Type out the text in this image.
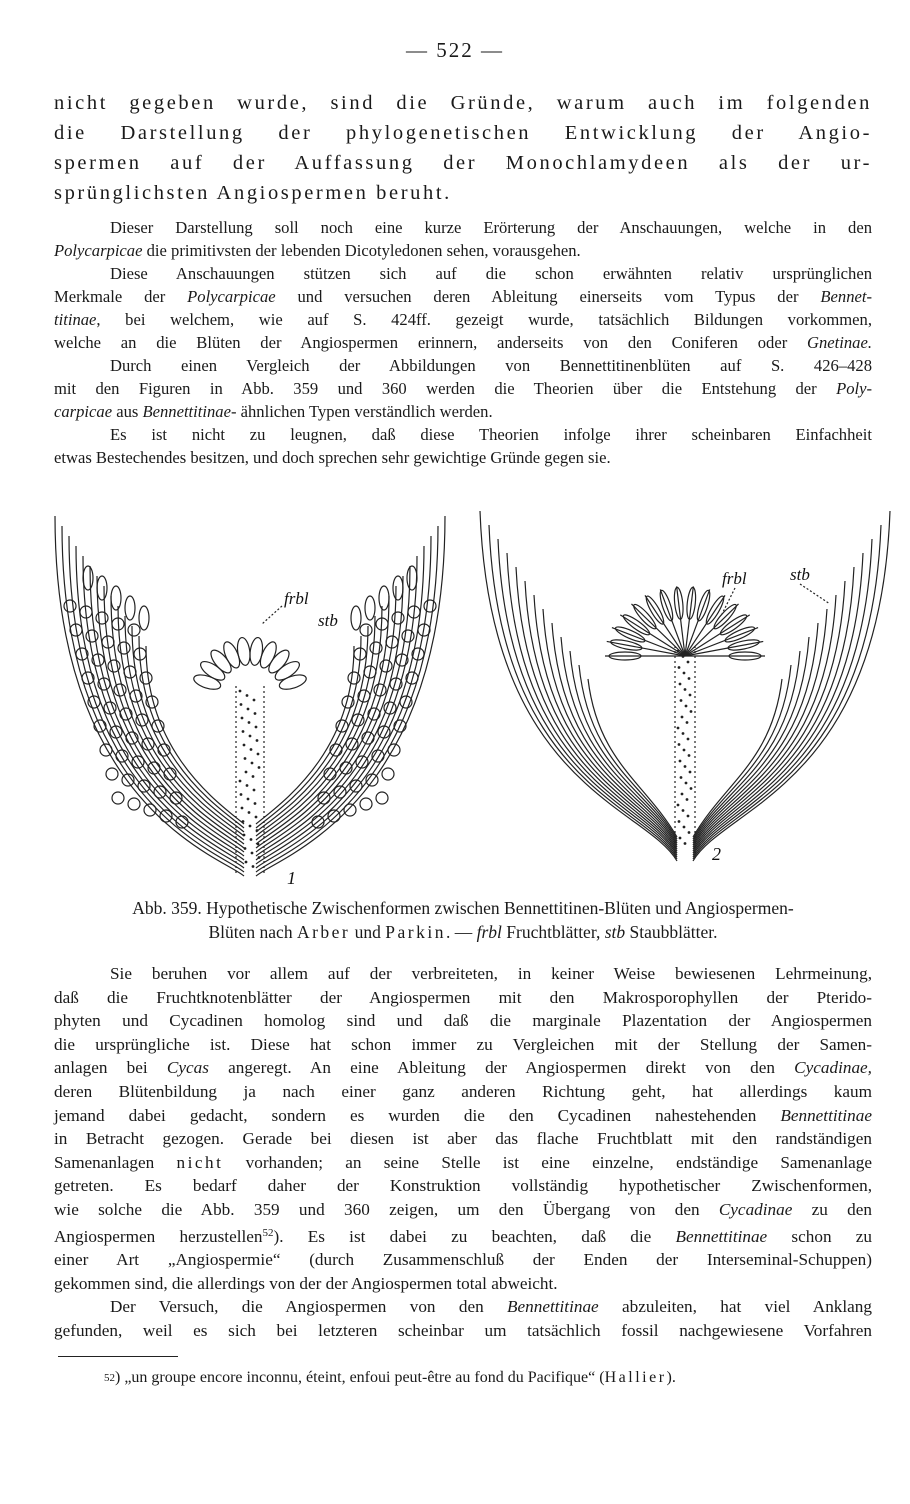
— 522 —
nicht gegeben wurde, sind die Gründe, warum auch im folgenden
die Darstellung der phylogenetischen Entwicklung der Angio-
spermen auf der Auffassung der Monochlamydeen als der ur-
sprünglichsten Angiospermen beruht.

Dieser Darstellung soll noch eine kurze Erörterung der Anschauungen, welche in den
Polycarpicae die primitivsten der lebenden Dicotyledonen sehen, vorausgehen.

Diese Anschauungen stützen sich auf die schon erwähnten relativ ursprünglichen
Merkmale der Polycarpicae und versuchen deren Ableitung einerseits vom Typus der Bennet-
titinae, bei welchem, wie auf S. 424ff. gezeigt wurde, tatsächlich Bildungen vorkommen,
welche an die Blüten der Angiospermen erinnern, anderseits von den Coniferen oder Gnetinae.

Durch einen Vergleich der Abbildungen von Bennettitinenblüten auf S. 426–428
mit den Figuren in Abb. 359 und 360 werden die Theorien über die Entstehung der Poly-
carpicae aus Bennettitinae- ähnlichen Typen verständlich werden.

Es ist nicht zu leugnen, daß diese Theorien infolge ihrer scheinbaren Einfachheit
etwas Bestechendes besitzen, und doch sprechen sehr gewichtige Gründe gegen sie.

frbl
stb
1
frbl	stb
2
Abb. 359. Hypothetische Zwischenformen zwischen Bennettitinen-Blüten und Angiospermen-
Blüten nach Arber und Parkin. — frbl Fruchtblätter, stb Staubblätter.
Sie beruhen vor allem auf der verbreiteten, in keiner Weise bewiesenen Lehrmeinung,
daß die Fruchtknotenblätter der Angiospermen mit den Makrosporophyllen der Pterido-
phyten und Cycadinen homolog sind und daß die marginale Plazentation der Angiospermen
die ursprüngliche ist. Diese hat schon immer zu Vergleichen mit der Stellung der Samen-
anlagen bei Cycas angeregt. An eine Ableitung der Angiospermen direkt von den Cycadinae,
deren Blütenbildung ja nach einer ganz anderen Richtung geht, hat allerdings kaum
jemand dabei gedacht, sondern es wurden die den Cycadinen nahestehenden Bennettitinae
in Betracht gezogen. Gerade bei diesen ist aber das flache Fruchtblatt mit den randständigen
Samenanlagen nicht vorhanden; an seine Stelle ist eine einzelne, endständige Samenanlage
getreten. Es bedarf daher der Konstruktion vollständig hypothetischer Zwischenformen,
wie solche die Abb. 359 und 360 zeigen, um den Übergang von den Cycadinae zu den
Angiospermen herzustellen$^{52}$). Es ist dabei zu beachten, daß die Bennettitinae schon zu
einer Art „Angiospermie“ (durch Zusammenschluß der Enden der Interseminal-Schuppen)
gekommen sind, die allerdings von der der Angiospermen total abweicht.
Der Versuch, die Angiospermen von den Bennettitinae abzuleiten, hat viel Anklang
gefunden, weil es sich bei letzteren scheinbar um tatsächlich fossil nachgewiesene Vorfahren
$^{52}$) „un groupe encore inconnu, éteint, enfoui peut-être au fond du Pacifique“ (Hallier).
